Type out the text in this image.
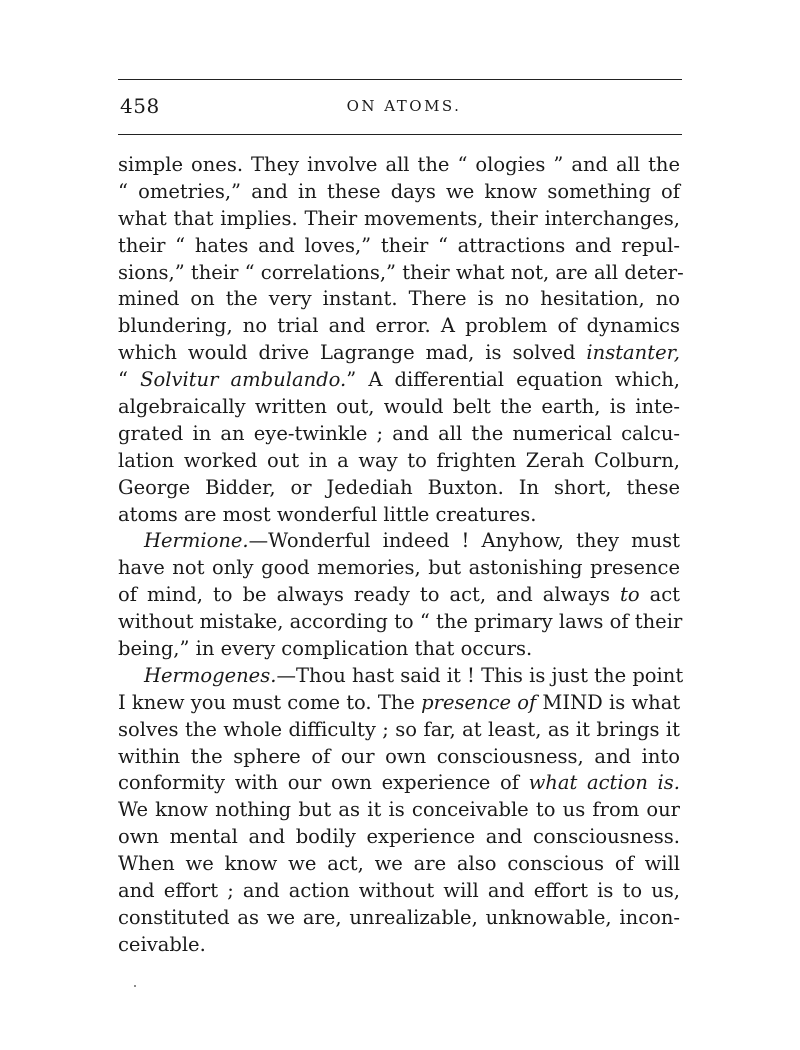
458	ON ATOMS.
simple ones. They involve all the “ ologies ” and all the
“ ometries,” and in these days we know something of
what that implies. Their movements, their interchanges,
their “ hates and loves,” their “ attractions and repul-
sions,” their “ correlations,” their what not, are all deter-
mined on the very instant. There is no hesitation, no
blundering, no trial and error. A problem of dynamics
which would drive Lagrange mad, is solved instanter,
“ Solvitur ambulando.” A differential equation which,
algebraically written out, would belt the earth, is inte-
grated in an eye-twinkle ; and all the numerical calcu-
lation worked out in a way to frighten Zerah Colburn,
George Bidder, or Jedediah Buxton. In short, these
atoms are most wonderful little creatures.
Hermione.—Wonderful indeed ! Anyhow, they must
have not only good memories, but astonishing presence
of mind, to be always ready to act, and always to act
without mistake, according to “ the primary laws of their
being,” in every complication that occurs.
Hermogenes.—Thou hast said it ! This is just the point
I knew you must come to. The presence of MIND is what
solves the whole difficulty ; so far, at least, as it brings it
within the sphere of our own consciousness, and into
conformity with our own experience of what action is.
We know nothing but as it is conceivable to us from our
own mental and bodily experience and consciousness.
When we know we act, we are also conscious of will
and effort ; and action without will and effort is to us,
constituted as we are, unrealizable, unknowable, incon-
ceivable.
